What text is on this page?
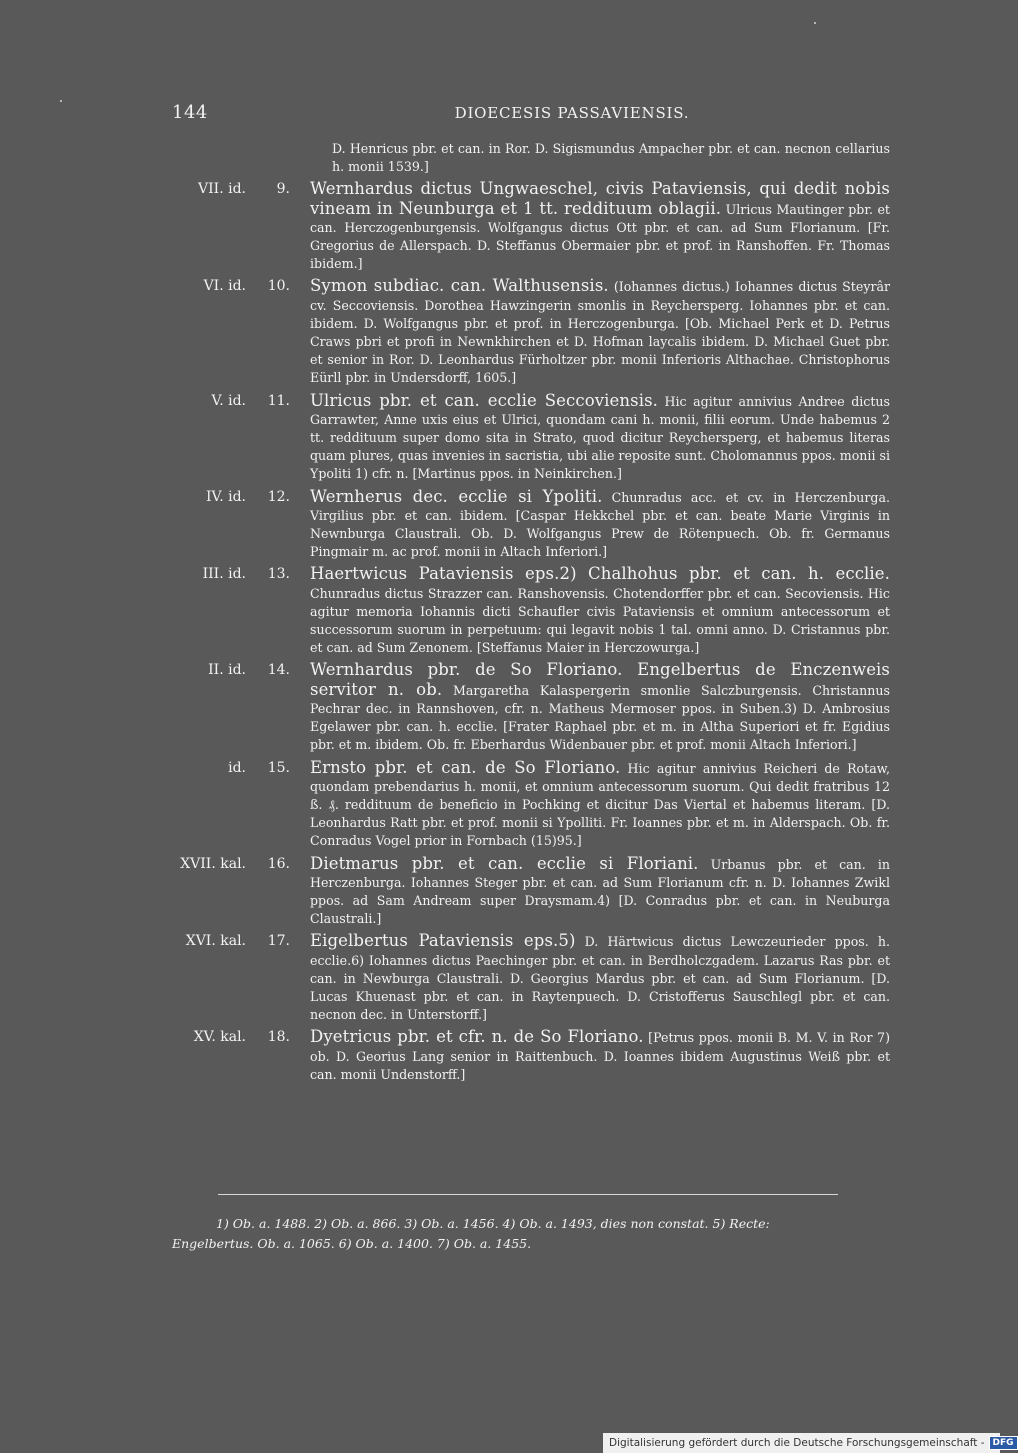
144	DIOECESIS PASSAVIENSIS.
D. Henricus pbr. et can. in Ror. D. Sigismundus Ampacher pbr. et can. necnon cellarius h. monii 1539.]
VII. id.	9. Wernhardus dictus Ungwaeschel, civis Pataviensis, qui dedit nobis vineam in Neunburga et 1 tt. reddituum oblagii. Ulricus Mautinger pbr. et can. Herczogenburgensis. Wolfgangus dictus Ott pbr. et can. ad Sum Florianum. [Fr. Gregorius de Allerspach. D. Steffanus Obermaier pbr. et prof. in Ranshoffen. Fr. Thomas ibidem.]
VI. id.	10. Symon subdiac. can. Walthusensis. (Iohannes dictus.) Iohannes dictus Steyrâr cv. Seccoviensis. Dorothea Hawzingerin smonlis in Reychersperg. Iohannes pbr. et can. ibidem. D. Wolfgangus pbr. et prof. in Herczogenburga. [Ob. Michael Perk et D. Petrus Craws pbri et profi in Newnkhirchen et D. Hofman laycalis ibidem. D. Michael Guet pbr. et senior in Ror. D. Leonhardus Fürholtzer pbr. monii Inferioris Althachae. Christophorus Eürll pbr. in Undersdorff, 1605.]
V. id.	11. Ulricus pbr. et can. ecclie Seccoviensis. Hic agitur annivius Andree dictus Garrawter, Anne uxis eius et Ulrici, quondam cani h. monii, filii eorum. Unde habemus 2 tt. reddituum super domo sita in Strato, quod dicitur Reychersperg, et habemus literas quam plures, quas invenies in sacristia, ubi alie reposite sunt. Cholomannus ppos. monii si Ypoliti 1) cfr. n. [Martinus ppos. in Neinkirchen.]
IV. id.	12. Wernherus dec. ecclie si Ypoliti. Chunradus acc. et cv. in Herczenburga. Virgilius pbr. et can. ibidem. [Caspar Hekkchel pbr. et can. beate Marie Virginis in Newnburga Claustrali. Ob. D. Wolfgangus Prew de Rötenpuech. Ob. fr. Germanus Pingmair m. ac prof. monii in Altach Inferiori.]
III. id.	13. Haertwicus Pataviensis eps.2) Chalhohus pbr. et can. h. ecclie. Chunradus dictus Strazzer can. Ranshovensis. Chotendorffer pbr. et can. Secoviensis. Hic agitur memoria Iohannis dicti Schaufler civis Pataviensis et omnium antecessorum et successorum suorum in perpetuum: qui legavit nobis 1 tal. omni anno. D. Cristannus pbr. et can. ad Sum Zenonem. [Steffanus Maier in Herczowurga.]
II. id.	14. Wernhardus pbr. de So Floriano. Engelbertus de Enczenweis servitor n. ob. Margaretha Kalaspergerin smonlie Salczburgensis. Christannus Pechrar dec. in Rannshoven, cfr. n. Matheus Mermoser ppos. in Suben.3) D. Ambrosius Egelawer pbr. can. h. ecclie. [Frater Raphael pbr. et m. in Altha Superiori et fr. Egidius pbr. et m. ibidem. Ob. fr. Eberhardus Widenbauer pbr. et prof. monii Altach Inferiori.]
id.	15. Ernsto pbr. et can. de So Floriano. Hic agitur annivius Reicheri de Rotaw, quondam prebendarius h. monii, et omnium antecessorum suorum. Qui dedit fratribus 12 ß. ₰. reddituum de beneficio in Pochking et dicitur Das Viertal et habemus literam. [D. Leonhardus Ratt pbr. et prof. monii si Ypolliti. Fr. Ioannes pbr. et m. in Alderspach. Ob. fr. Conradus Vogel prior in Fornbach (15)95.]
XVII. kal.	16. Dietmarus pbr. et can. ecclie si Floriani. Urbanus pbr. et can. in Herczenburga. Iohannes Steger pbr. et can. ad Sum Florianum cfr. n. D. Iohannes Zwikl ppos. ad Sam Andream super Draysmam.4) [D. Conradus pbr. et can. in Neuburga Claustrali.]
XVI. kal.	17. Eigelbertus Pataviensis eps.5) D. Härtwicus dictus Lewczeurieder ppos. h. ecclie.6) Iohannes dictus Paechinger pbr. et can. in Berdholczgadem. Lazarus Ras pbr. et can. in Newburga Claustrali. D. Georgius Mardus pbr. et can. ad Sum Florianum. [D. Lucas Khuenast pbr. et can. in Raytenpuech. D. Cristofferus Sauschlegl pbr. et can. necnon dec. in Unterstorff.]
XV. kal.	18. Dyetricus pbr. et cfr. n. de So Floriano. [Petrus ppos. monii B. M. V. in Ror 7) ob. D. Georius Lang senior in Raittenbuch. D. Ioannes ibidem Augustinus Weiß pbr. et can. monii Undenstorff.]
1) Ob. a. 1488. 2) Ob. a. 866. 3) Ob. a. 1456. 4) Ob. a. 1493, dies non constat. 5) Recte:
Engelbertus. Ob. a. 1065. 6) Ob. a. 1400. 7) Ob. a. 1455.
Digitalisierung gefördert durch die Deutsche Forschungsgemeinschaft - DFG
